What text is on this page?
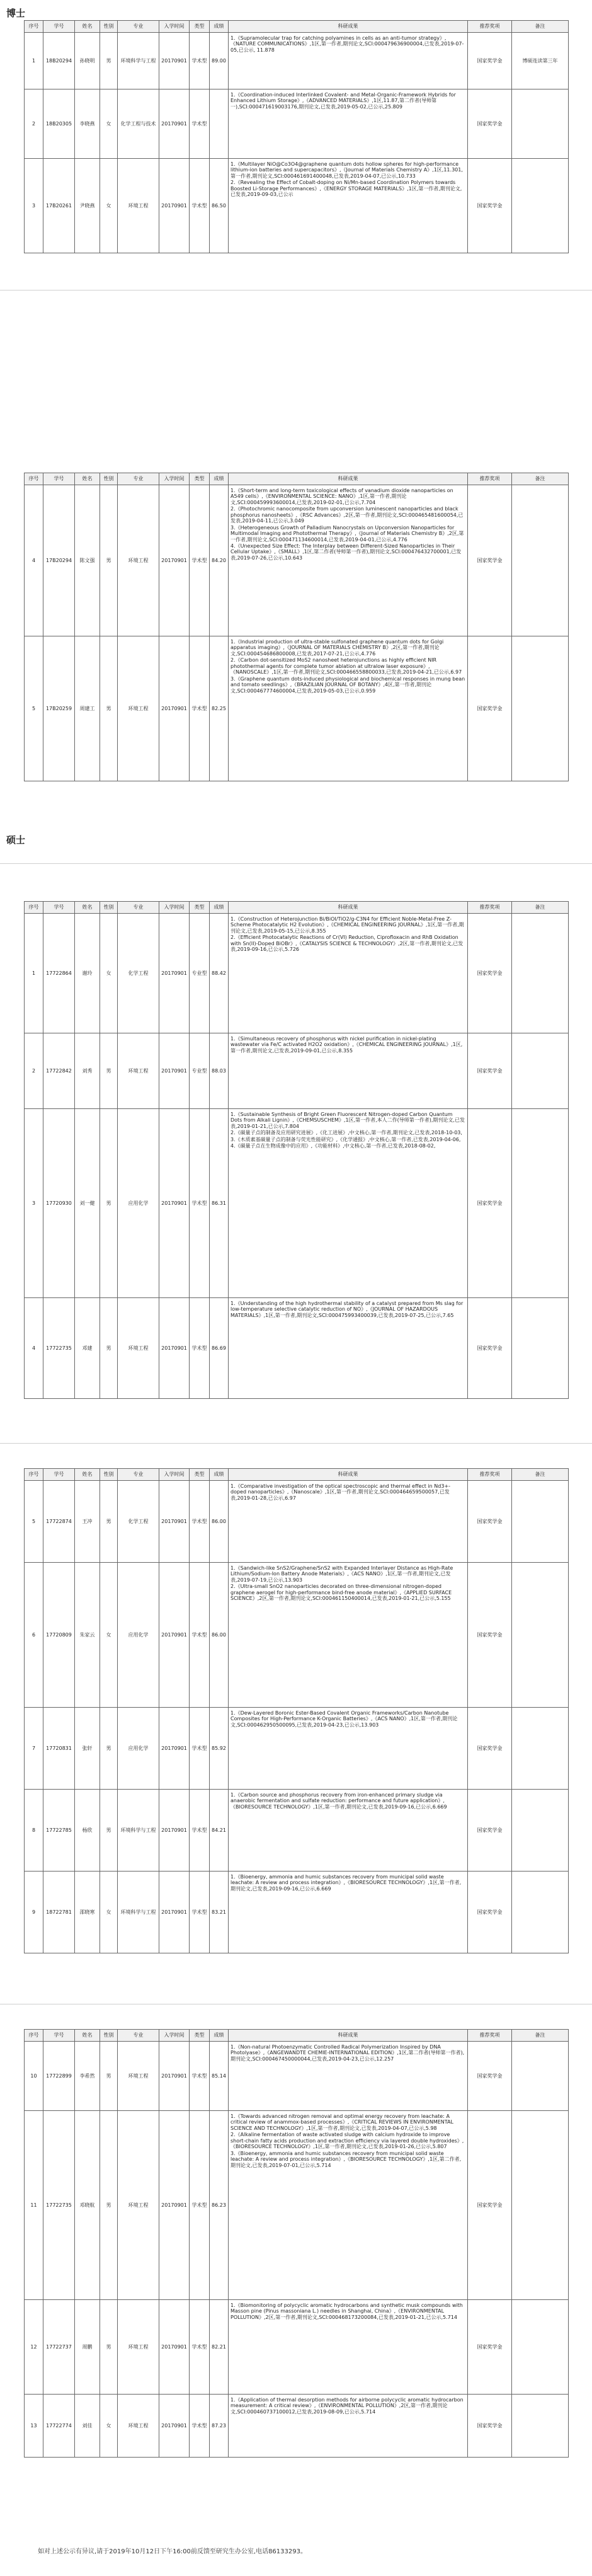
博士
序号	学号	姓名	性别	专业	入学时间	类型	成绩	科研成果	推荐奖项	备注
1	18B20294	孙晓明	男	环境科学与工程	20170901	学术型	89.00	1.《Supramolecular trap for catching polyamines in cells as an anti-tumor strategy》,《NATURE COMMUNICATIONS》,1区,第一作者,期刊论文,SCI:000479636900004,已发表,2019-07-05,已公示, 11.878	国家奖学金	博硕连读第三年
2	18B20305	李晓燕	女	化学工程与技术	20170901	学术型		1.《Coordination-induced Interlinked Covalent- and Metal-Organic-Framework Hybrids for Enhanced Lithium Storage》,《ADVANCED MATERIALS》,1区,11.87,第二作者(导师第一),SCI:000471619003176,期刊论文,已发表,2019-05-02,已公示,25.809	国家奖学金	
3	17B20261	尹晓燕	女	环境工程	20170901	学术型	86.50	1.《Multilayer NiO@Co3O4@graphene quantum dots hollow spheres for high-performance lithium-ion batteries and supercapacitors》,《Journal of Materials Chemistry A》,1区,11.301,第一作者,期刊论文,SCI:000461691400048,已发表,2019-04-07,已公示,10.733
2.《Revealing the Effect of Cobalt-doping on Ni/Mn-based Coordination Polymers towards Boosted Li-Storage Performances》,《ENERGY STORAGE MATERIALS》,1区,第一作者,期刊论文,已发表,2019-09-03,已公示	国家奖学金	
序号	学号	姓名	性别	专业	入学时间	类型	成绩	科研成果	推荐奖项	备注
4	17B20294	陈文强	男	环境工程	20170901	学术型	84.20	1.《Short-term and long-term toxicological effects of vanadium dioxide nanoparticles on A549 cells》,《ENVIRONMENTAL SCIENCE: NANO》,1区,第一作者,期刊论文,SCI:000459993600014,已发表,2019-02-01,已公示,7.704
2.《Photochromic nanocomposite from upconversion luminescent nanoparticles and black phosphorus nanosheets》,《RSC Advances》,2区,第一作者,期刊论文,SCI:000465481600054,已发表,2019-04-11,已公示,3.049
3.《Heterogeneous Growth of Palladium Nanocrystals on Upconversion Nanoparticles for Multimodal Imaging and Photothermal Therapy》,《Journal of Materials Chemistry B》,2区,第一作者,期刊论文,SCI:000471134600014,已发表,2019-04-01,已公示,4.776
4.《Unexpected Size Effect: The Interplay between Different-Sized Nanoparticles in Their Cellular Uptake》,《SMALL》,1区,第二作者(导师第一作者),期刊论文,SCI:000476432700001,已发表,2019-07-26,已公示,10.643	国家奖学金	
5	17B20259	周建工	男	环境工程	20170901	学术型	82.25	1.《Industrial production of ultra-stable sulfonated graphene quantum dots for Golgi apparatus imaging》,《JOURNAL OF MATERIALS CHEMISTRY B》,2区,第一作者,期刊论文,SCI:000454686800008,已发表,2017-07-21,已公示,4.776
2.《Carbon dot-sensitized MoS2 nanosheet heterojunctions as highly efficient NIR photothermal agents for complete tumor ablation at ultralow laser exposure》,《NANOSCALE》,1区,第一作者,期刊论文,SCI:000466558800033,已发表,2019-04-21,已公示,6.97
3.《Graphene quantum dots-induced physiological and biochemical responses in mung bean and tomato seedlings》,《BRAZILIAN JOURNAL OF BOTANY》,4区,第一作者,期刊论文,SCI:000467774600004,已发表,2019-05-03,已公示,0.959	国家奖学金	
硕士
序号	学号	姓名	性别	专业	入学时间	类型	成绩	科研成果	推荐奖项	备注
1	17722864	谢玲	女	化学工程	20170901	专业型	88.42	1.《Construction of Heterojunction Bi/BiOI/TiO2/g-C3N4 for Efficient Noble-Metal-Free Z-Scheme Photocatalytic H2 Evolution》,《CHEMICAL ENGINEERING JOURNAL》,1区,第一作者,期刊论文,已发表,2019-05-15,已公示,8.355
2.《Efficient Photocatalytic Reactions of Cr(VI) Reduction, Ciprofloxacin and RhB Oxidation with Sn(II)-Doped BiOBr》,《CATALYSIS SCIENCE & TECHNOLOGY》,2区,第一作者,期刊论文,已发表,2019-09-16,已公示,5.726	国家奖学金	
2	17722842	刘秀	男	环境工程	20170901	专业型	88.03	1.《Simultaneous recovery of phosphorus with nickel purification in nickel-plating wastewater via Fe/C activated H2O2 oxidation》,《CHEMICAL ENGINEERING JOURNAL》,1区,第一作者,期刊论文,已发表,2019-09-01,已公示,8.355	国家奖学金	
3	17720930	刘一健	男	应用化学	20170901	学术型	86.31	1.《Sustainable Synthesis of Bright Green Fluorescent Nitrogen-doped Carbon Quantum Dots from Alkali Lignin》,《CHEMSUSCHEM》,1区,第一作者,本人二作(导师第一作者),期刊论文,已发表,2019-01-21,已公示,7.804
2.《碳量子点的制备及应用研究进展》,《化工进展》,中文核心,第一作者,期刊论文,已发表,2018-10-03,
3.《木质素基碳量子点的制备与荧光性能研究》,《化学通报》,中文核心,第一作者,已发表,2019-04-06,
4.《碳量子点在生物成像中的应用》,《功能材料》,中文核心,第一作者,已发表,2018-08-02,	国家奖学金	
4	17722735	邓建	男	环境工程	20170901	学术型	86.69	1.《Understanding of the high hydrothermal stability of a catalyst prepared from Ms slag for low-temperature selective catalytic reduction of NO》,《JOURNAL OF HAZARDOUS MATERIALS》,1区,第一作者,期刊论文,SCI:000475993400039,已发表,2019-07-25,已公示,7.65	国家奖学金	
序号	学号	姓名	性别	专业	入学时间	类型	成绩	科研成果	推荐奖项	备注
5	17722874	王冲	男	化学工程	20170901	学术型	86.00	1.《Comparative investigation of the optical spectroscopic and thermal effect in Nd3+-doped nanoparticles》,《Nanoscale》,1区,第一作者,期刊论文,SCI:000464659500057,已发表,2019-01-28,已公示,6.97	国家奖学金	
6	17720809	朱家云	女	应用化学	20170901	学术型	86.00	1.《Sandwich-like SnS2/Graphene/SnS2 with Expanded Interlayer Distance as High-Rate Lithium/Sodium-Ion Battery Anode Materials》,《ACS NANO》,1区,第一作者,期刊论文,已发表,2019-07-19,已公示,13.903
2.《Ultra-small SnO2 nanoparticles decorated on three-dimensional nitrogen-doped graphene aerogel for high-performance bind-free anode material》,《APPLIED SURFACE SCIENCE》,2区,第一作者,期刊论文,SCI:000461150400014,已发表,2019-01-21,已公示,5.155	国家奖学金	
7	17720831	张轩	男	应用化学	20170901	学术型	85.92	1.《Dew-Layered Boronic Ester-Based Covalent Organic Frameworks/Carbon Nanotube Composites for High-Performance K-Organic Batteries》,《ACS NANO》,1区,第一作者,期刊论文,SCI:000462950500095,已发表,2019-04-23,已公示,13.903	国家奖学金	
8	17722785	杨欣	男	环境科学与工程	20170901	学术型	84.21	1.《Carbon source and phosphorus recovery from iron-enhanced primary sludge via anaerobic fermentation and sulfate reduction: performance and future application》,《BIORESOURCE TECHNOLOGY》,1区,第一作者,期刊论文,已发表,2019-09-16,已公示,6.669	国家奖学金	
9	18722781	邵晓寒	女	环境科学与工程	20170901	学术型	83.21	1.《Bioenergy, ammonia and humic substances recovery from municipal solid waste leachate: A review and process integration》,《BIORESOURCE TECHNOLOGY》,1区,第一作者,期刊论文,已发表,2019-09-16,已公示,6.669	国家奖学金	
序号	学号	姓名	性别	专业	入学时间	类型	成绩	科研成果	推荐奖项	备注
10	17722899	李希然	男	环境工程	20170901	学术型	85.14	1.《Non-natural Photoenzymatic Controlled Radical Polymerization Inspired by DNA Photolyase》,《ANGEWANDTE CHEMIE-INTERNATIONAL EDITION》,1区,第二作者(导师第一作者),期刊论文,SCI:000467450000044,已发表,2019-04-23,已公示,12.257	国家奖学金	
11	17722735	邓晓航	男	环境工程	20170901	学术型	86.23	1.《Towards advanced nitrogen removal and optimal energy recovery from leachate: A critical review of anammox-based processes》,《CRITICAL REVIEWS IN ENVIRONMENTAL SCIENCE AND TECHNOLOGY》,1区,第一作者,期刊论文,已发表,2019-04-07,已公示,5.98
2.《Alkaline fermentation of waste activated sludge with calcium hydroxide to improve short-chain fatty acids production and extraction efficiency via layered double hydroxides》,《BIORESOURCE TECHNOLOGY》,1区,第一作者,期刊论文,已发表,2019-01-26,已公示,5.807
3.《Bioenergy, ammonia and humic substances recovery from municipal solid waste leachate: A review and process integration》,《BIORESOURCE TECHNOLOGY》,1区,第二作者,期刊论文,已发表,2019-07-01,已公示,5.714	国家奖学金	
12	17722737	周鹏	男	环境工程	20170901	学术型	82.21	1.《Biomonitoring of polycyclic aromatic hydrocarbons and synthetic musk compounds with Masson pine (Pinus massoniana L.) needles in Shanghai, China》,《ENVIRONMENTAL POLLUTION》,2区,第一作者,期刊论文,SCI:000468173200084,已发表,2019-01-21,已公示,5.714	国家奖学金	
13	17722774	刘佳	女	环境工程	20170901	学术型	87.23	1.《Application of thermal desorption methods for airborne polycyclic aromatic hydrocarbon measurement: A critical review》,《ENVIRONMENTAL POLLUTION》,2区,第一作者,期刊论文,SCI:000460737100012,已发表,2019-08-09,已公示,5.714	国家奖学金	
如对上述公示有异议,请于2019年10月12日下午16:00前反馈至研究生办公室,电话86133293。
